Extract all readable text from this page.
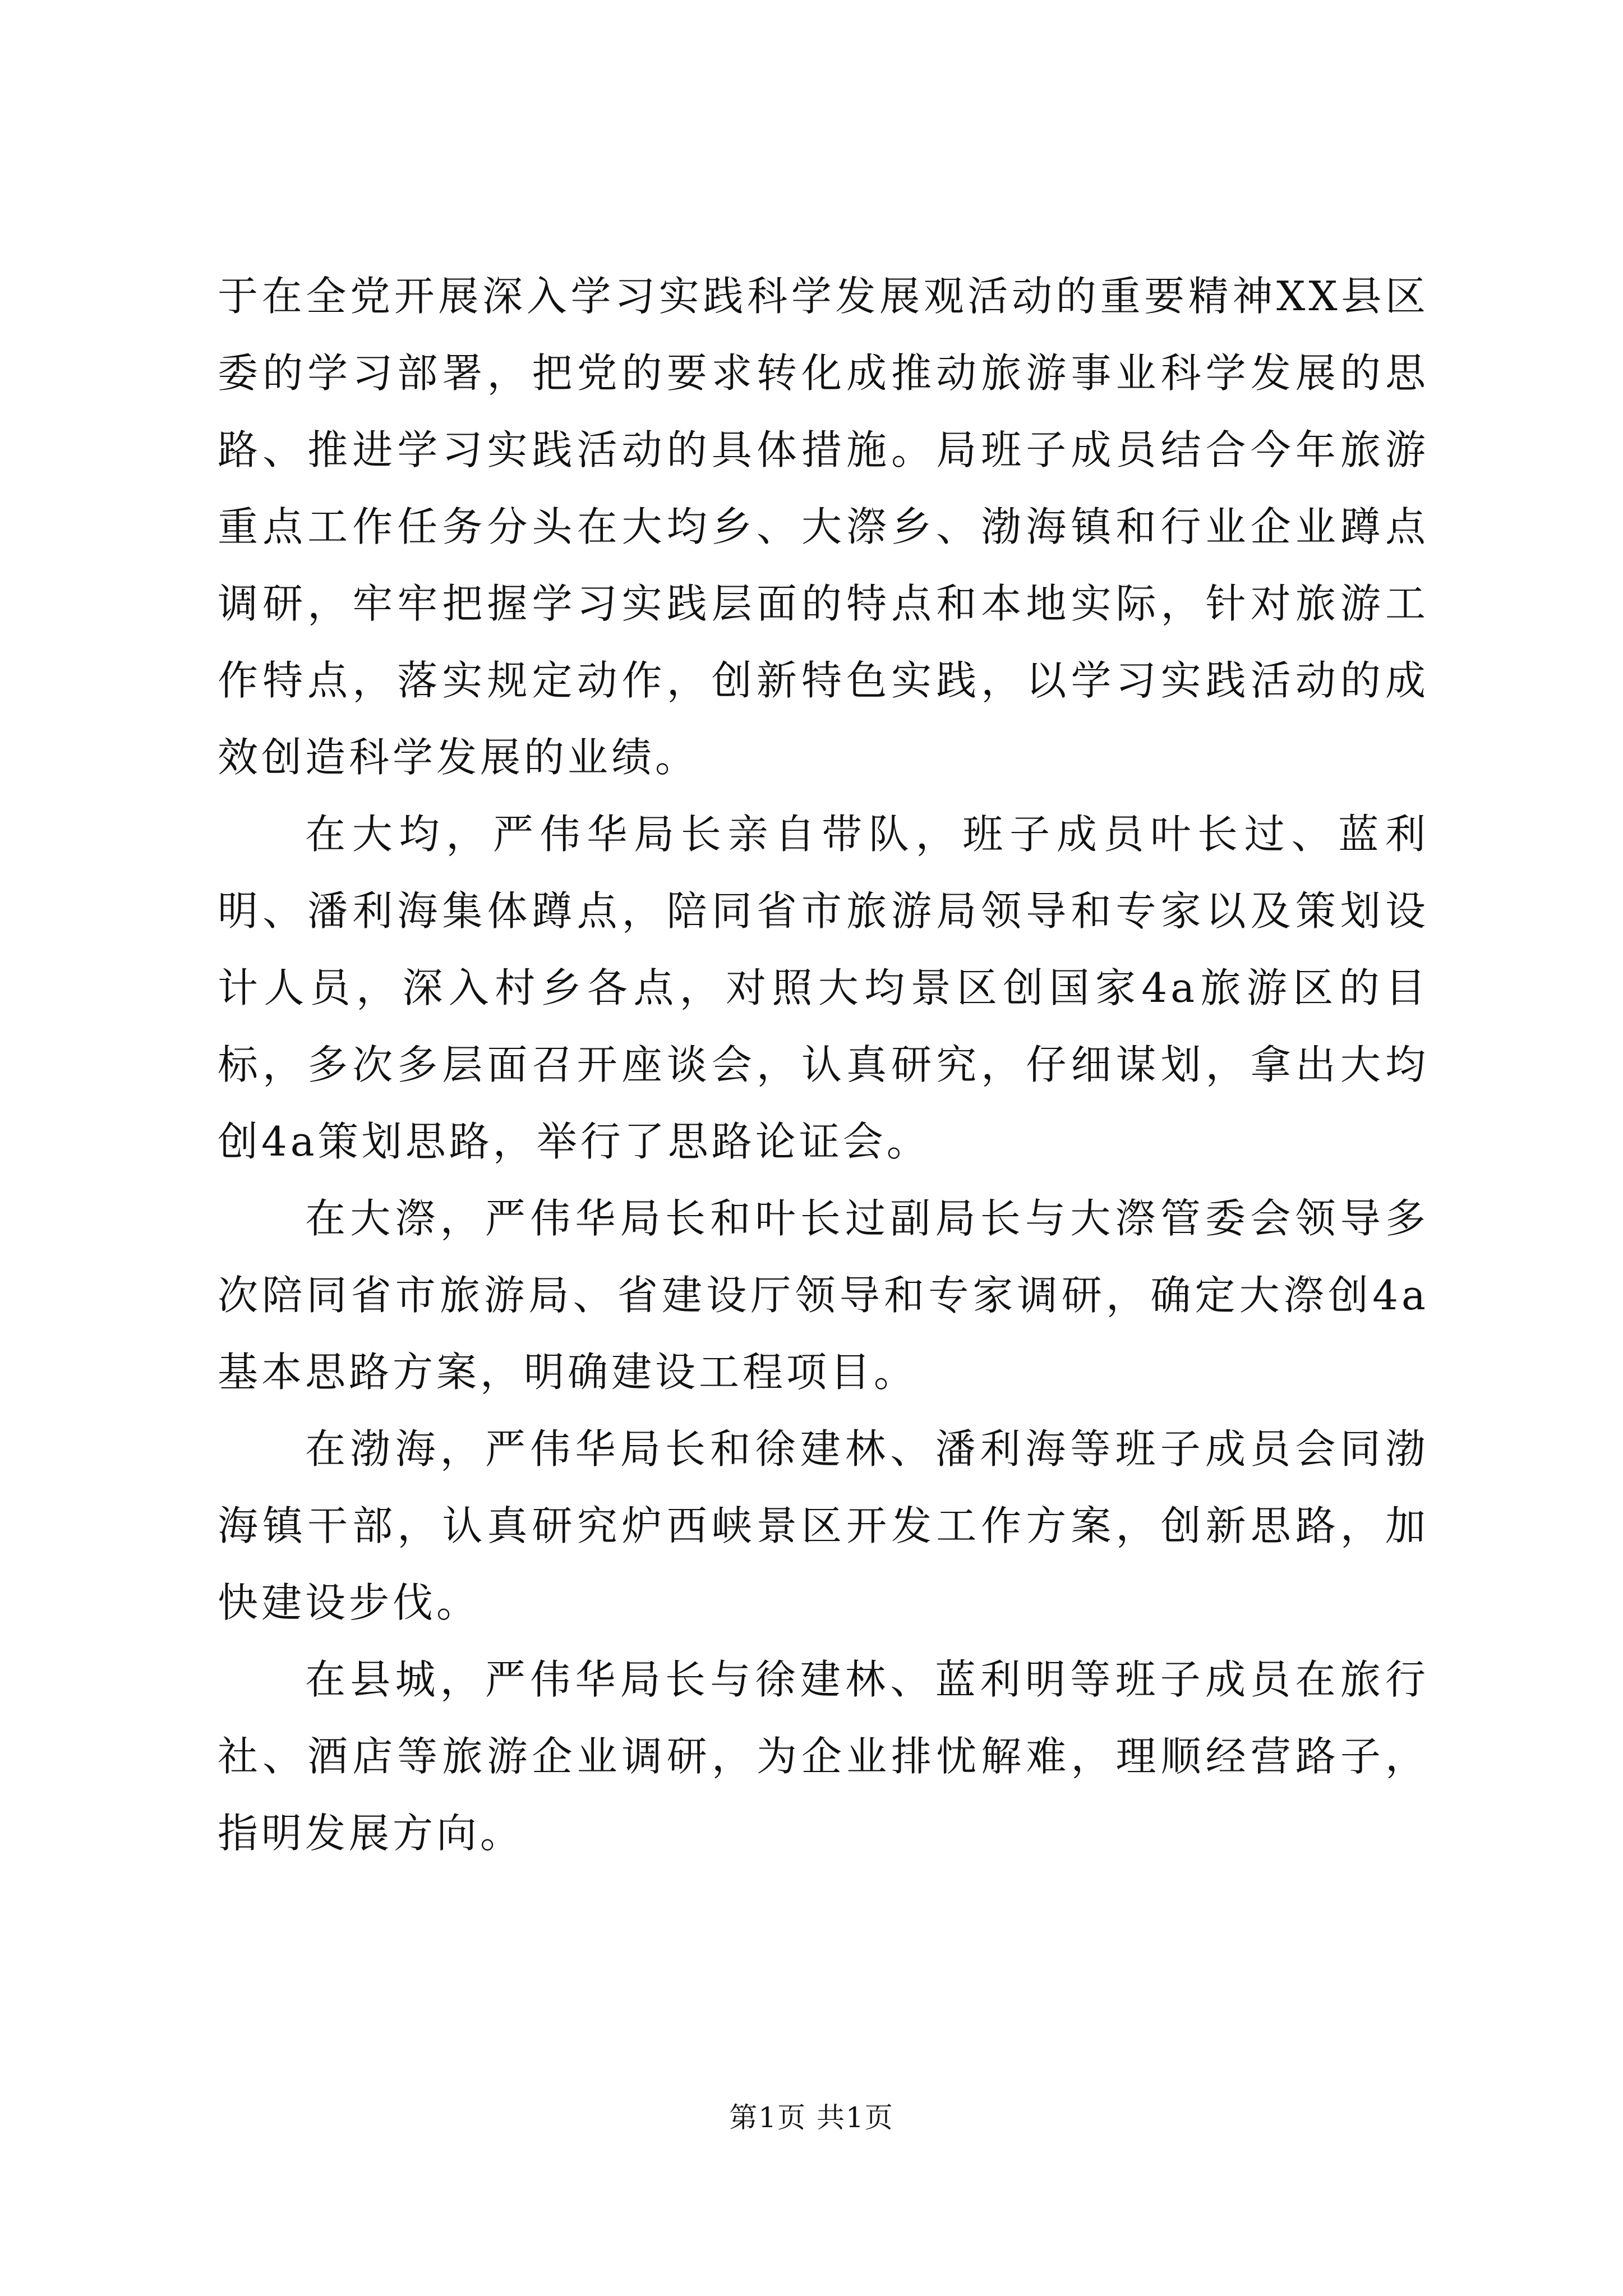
于在全党开展深入学习实践科学发展观活动的重要精神XX县区委的学习部署，把党的要求转化成推动旅游事业科学发展的思路、推进学习实践活动的具体措施。局班子成员结合今年旅游重点工作任务分头在大均乡、大漈乡、渤海镇和行业企业蹲点调研，牢牢把握学习实践层面的特点和本地实际，针对旅游工作特点，落实规定动作，创新特色实践，以学习实践活动的成效创造科学发展的业绩。

在大均，严伟华局长亲自带队，班子成员叶长过、蓝利明、潘利海集体蹲点，陪同省市旅游局领导和专家以及策划设计人员，深入村乡各点，对照大均景区创国家4a旅游区的目标，多次多层面召开座谈会，认真研究，仔细谋划，拿出大均创4a策划思路，举行了思路论证会。

在大漈，严伟华局长和叶长过副局长与大漈管委会领导多次陪同省市旅游局、省建设厅领导和专家调研，确定大漈创4a基本思路方案，明确建设工程项目。

在渤海，严伟华局长和徐建林、潘利海等班子成员会同渤海镇干部，认真研究炉西峡景区开发工作方案，创新思路，加快建设步伐。

在县城，严伟华局长与徐建林、蓝利明等班子成员在旅行社、酒店等旅游企业调研，为企业排忧解难，理顺经营路子，指明发展方向。

第1页 共1页
